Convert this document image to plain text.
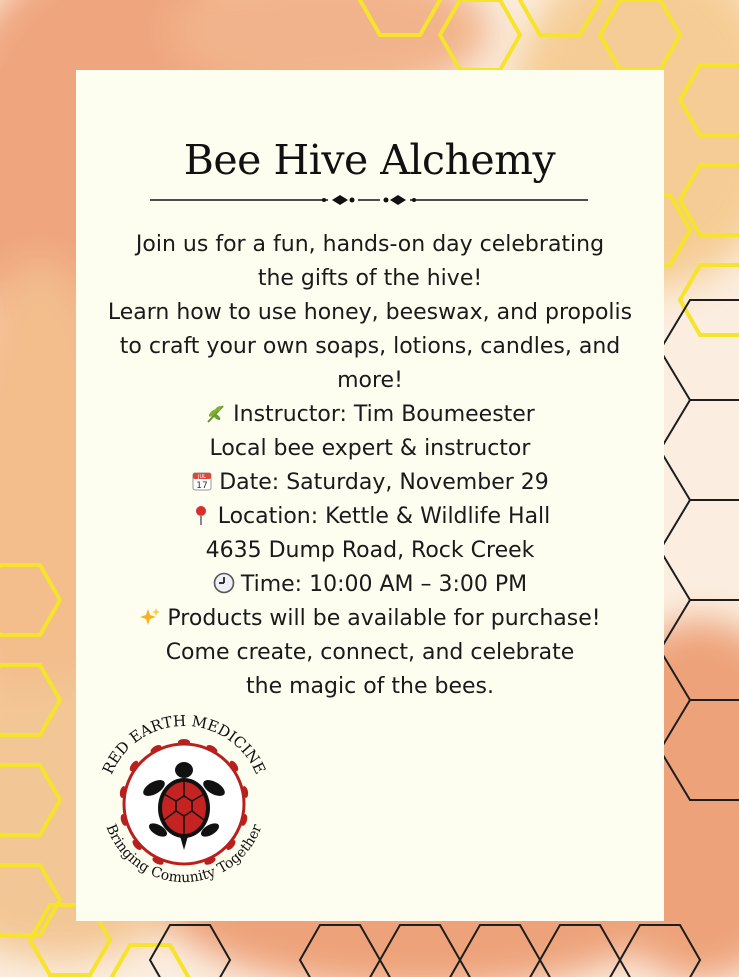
Bee Hive Alchemy
Join us for a fun, hands-on day celebrating
the gifts of the hive!
Learn how to use honey, beeswax, and propolis
to craft your own soaps, lotions, candles, and
more!
Instructor: Tim Boumeester
Local bee expert & instructor
JUL
17 Date: Saturday, November 29
Location: Kettle & Wildlife Hall
4635 Dump Road, Rock Creek
Time: 10:00 AM – 3:00 PM
Products will be available for purchase!
Come create, connect, and celebrate
the magic of the bees.
RED EARTH MEDICINE
Bringing Comunity Together
